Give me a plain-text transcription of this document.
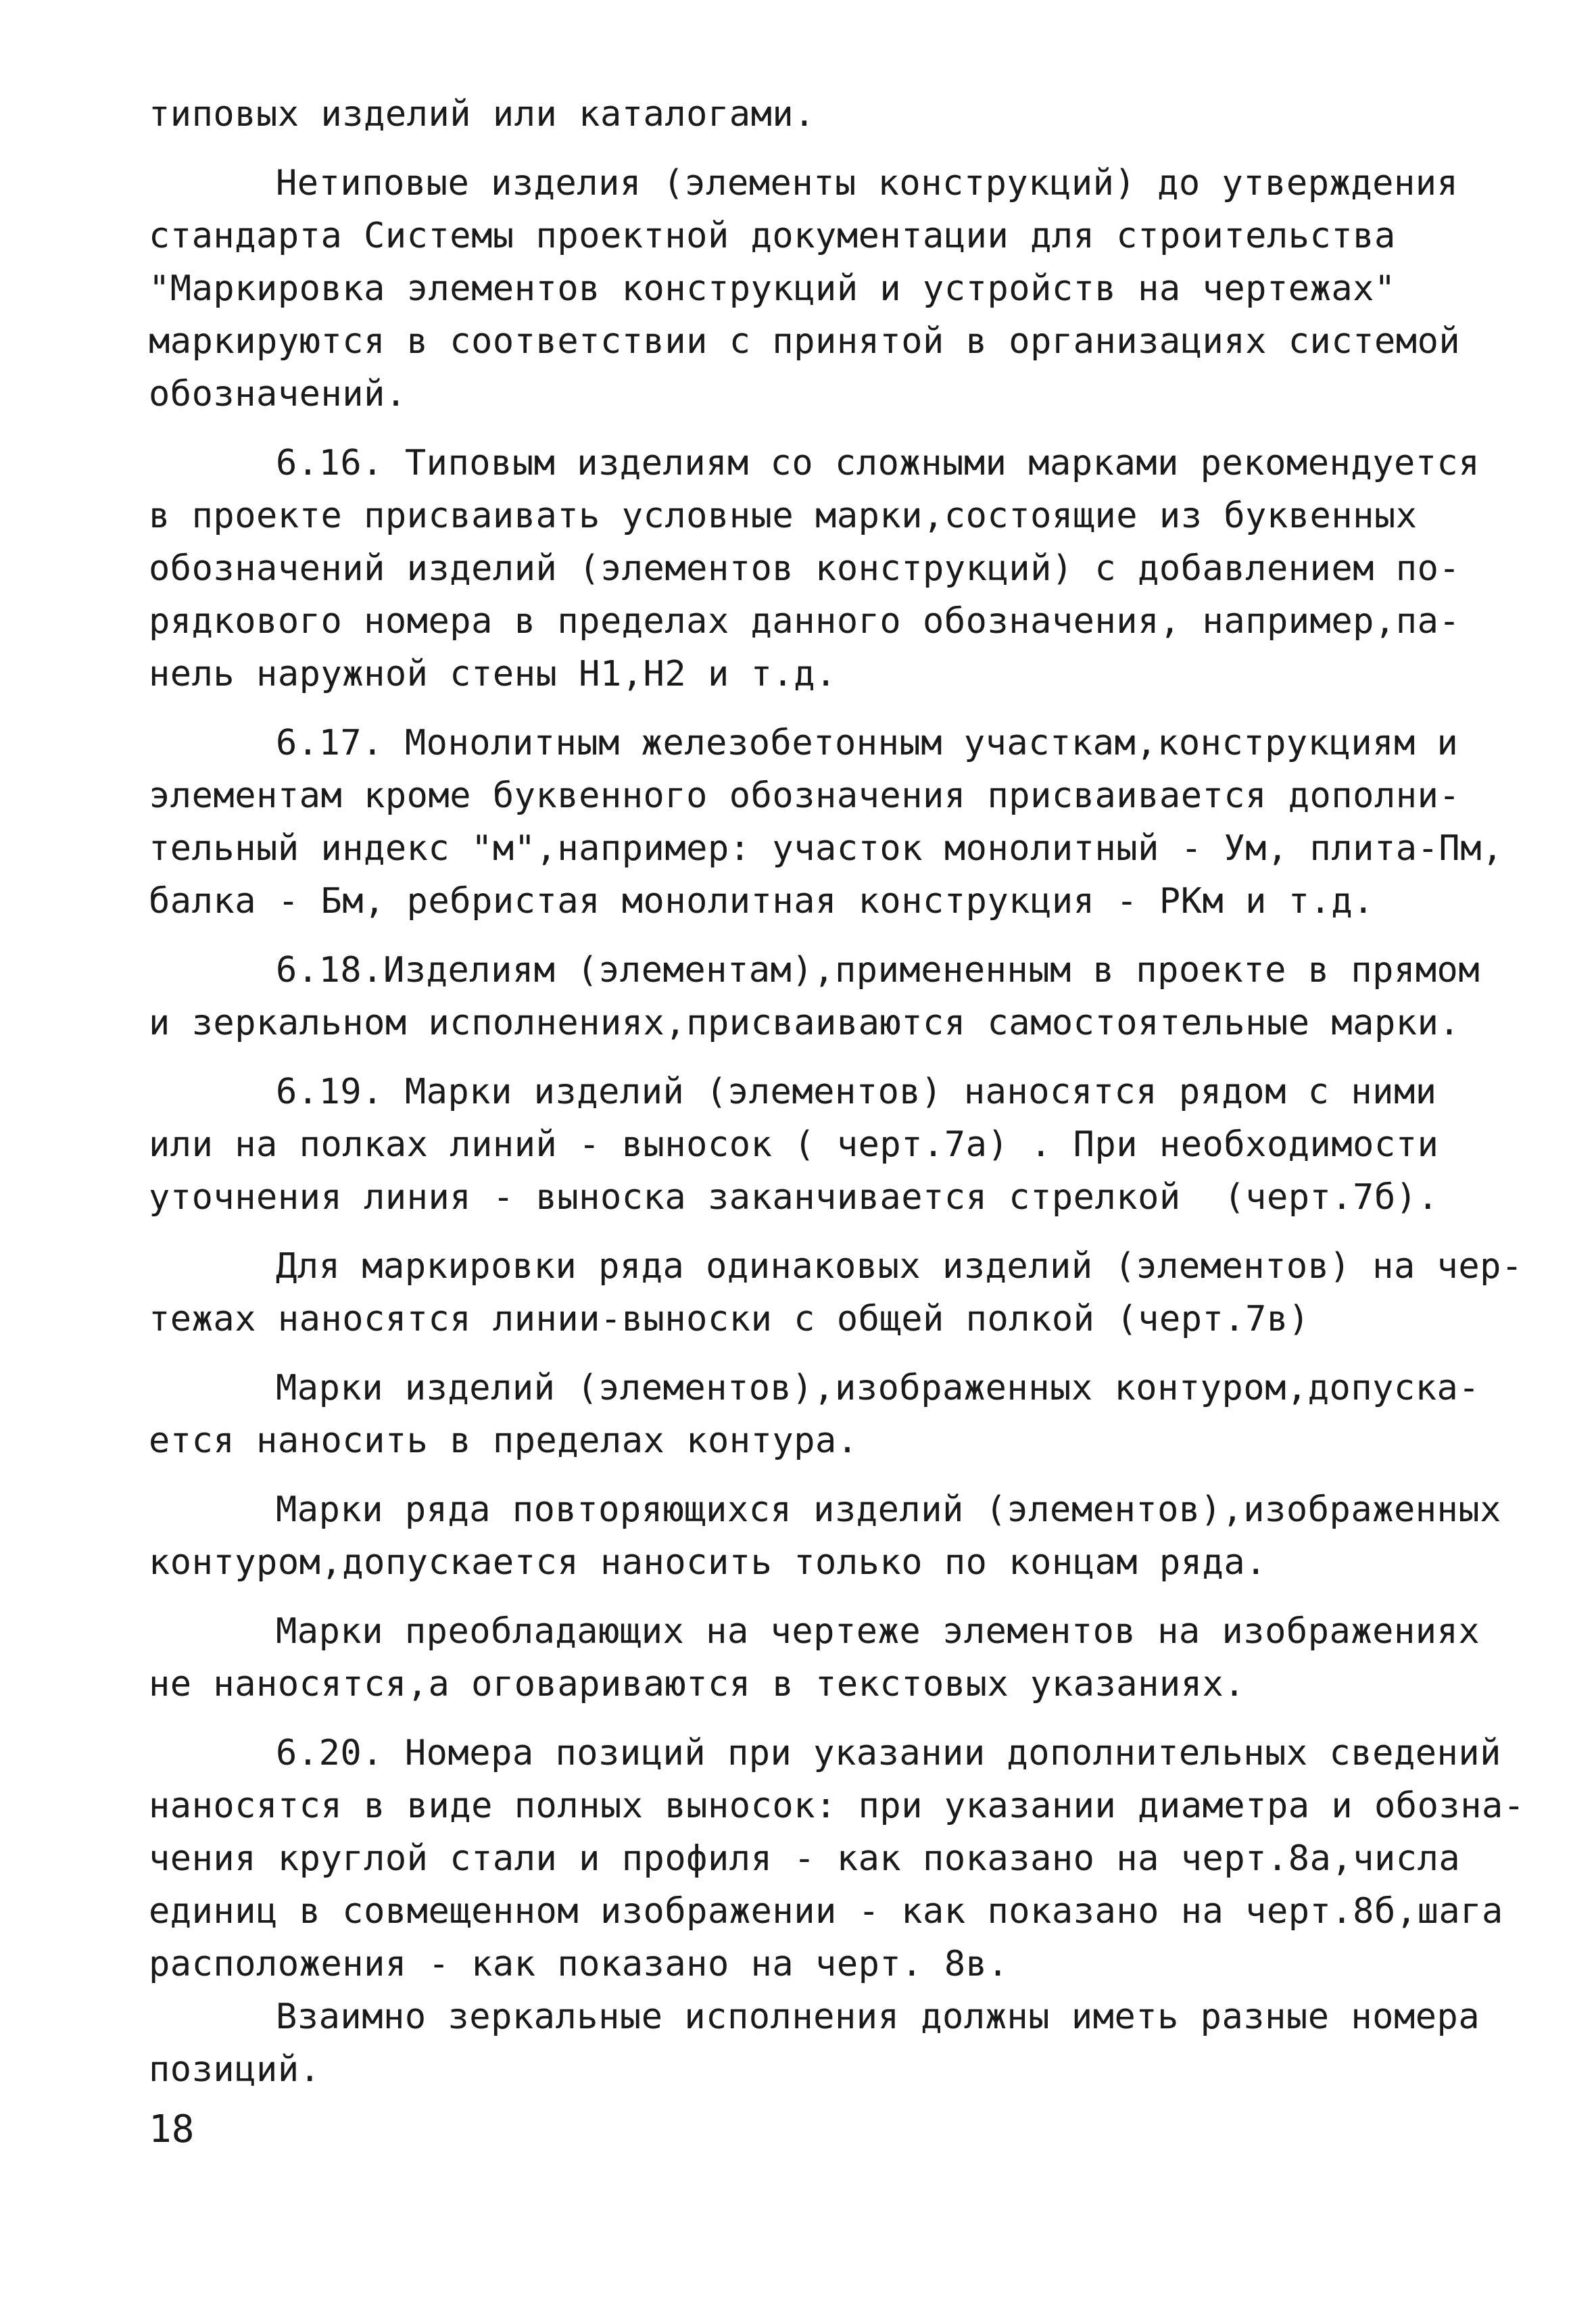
типовых изделий или каталогами.
Нетиповые изделия (элементы конструкций) до утверждения
стандарта Системы проектной документации для строительства
"Маркировка элементов конструкций и устройств на чертежах"
маркируются в соответствии с принятой в организациях системой
обозначений.
6.16. Типовым изделиям со сложными марками рекомендуется
в проекте присваивать условные марки,состоящие из буквенных
обозначений изделий (элементов конструкций) с добавлением по-
рядкового номера в пределах данного обозначения, например,па-
нель наружной стены Н1,Н2 и т.д.
6.17. Монолитным железобетонным участкам,конструкциям и
элементам кроме буквенного обозначения присваивается дополни-
тельный индекс "м",например: участок монолитный - Ум, плита-Пм,
балка - Бм, ребристая монолитная конструкция - РКм и т.д.
6.18.Изделиям (элементам),примененным в проекте в прямом
и зеркальном исполнениях,присваиваются самостоятельные марки.
6.19. Марки изделий (элементов) наносятся рядом с ними
или на полках линий - выносок ( черт.7а) . При необходимости
уточнения линия - выноска заканчивается стрелкой  (черт.7б).
Для маркировки ряда одинаковых изделий (элементов) на чер-
тежах наносятся линии-выноски с общей полкой (черт.7в)
Марки изделий (элементов),изображенных контуром,допуска-
ется наносить в пределах контура.
Марки ряда повторяющихся изделий (элементов),изображенных
контуром,допускается наносить только по концам ряда.
Марки преобладающих на чертеже элементов на изображениях
не наносятся,а оговариваются в текстовых указаниях.
6.20. Номера позиций при указании дополнительных сведений
наносятся в виде полных выносок: при указании диаметра и обозна-
чения круглой стали и профиля - как показано на черт.8а,числа
единиц в совмещенном изображении - как показано на черт.8б,шага
расположения - как показано на черт. 8в.
Взаимно зеркальные исполнения должны иметь разные номера
позиций.
18
